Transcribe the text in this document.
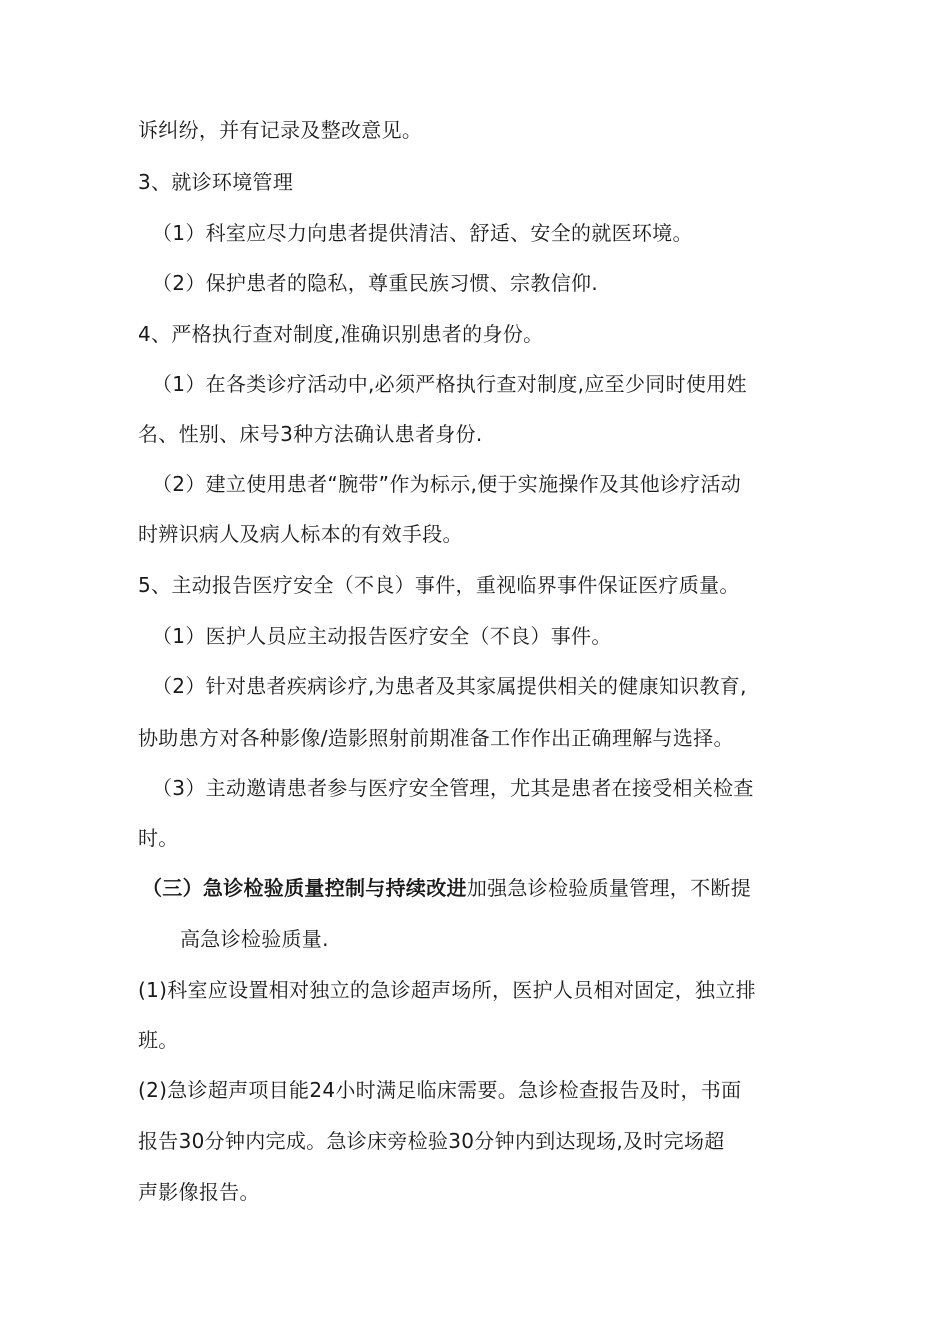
诉纠纷，并有记录及整改意见。
3、就诊环境管理
（1）科室应尽力向患者提供清洁、舒适、安全的就医环境。
（2）保护患者的隐私，尊重民族习惯、宗教信仰.
4、严格执行查对制度,准确识别患者的身份。
（1）在各类诊疗活动中,必须严格执行查对制度,应至少同时使用姓
名、性别、床号3种方法确认患者身份.
（2）建立使用患者“腕带”作为标示,便于实施操作及其他诊疗活动
时辨识病人及病人标本的有效手段。
5、主动报告医疗安全（不良）事件，重视临界事件保证医疗质量。
（1）医护人员应主动报告医疗安全（不良）事件。
（2）针对患者疾病诊疗,为患者及其家属提供相关的健康知识教育,
协助患方对各种影像/造影照射前期准备工作作出正确理解与选择。
（3）主动邀请患者参与医疗安全管理，尤其是患者在接受相关检查
时。
（三）急诊检验质量控制与持续改进加强急诊检验质量管理，不断提
高急诊检验质量.
(1)科室应设置相对独立的急诊超声场所，医护人员相对固定，独立排
班。
(2)急诊超声项目能24小时满足临床需要。急诊检查报告及时，书面
报告30分钟内完成。急诊床旁检验30分钟内到达现场,及时完场超
声影像报告。
